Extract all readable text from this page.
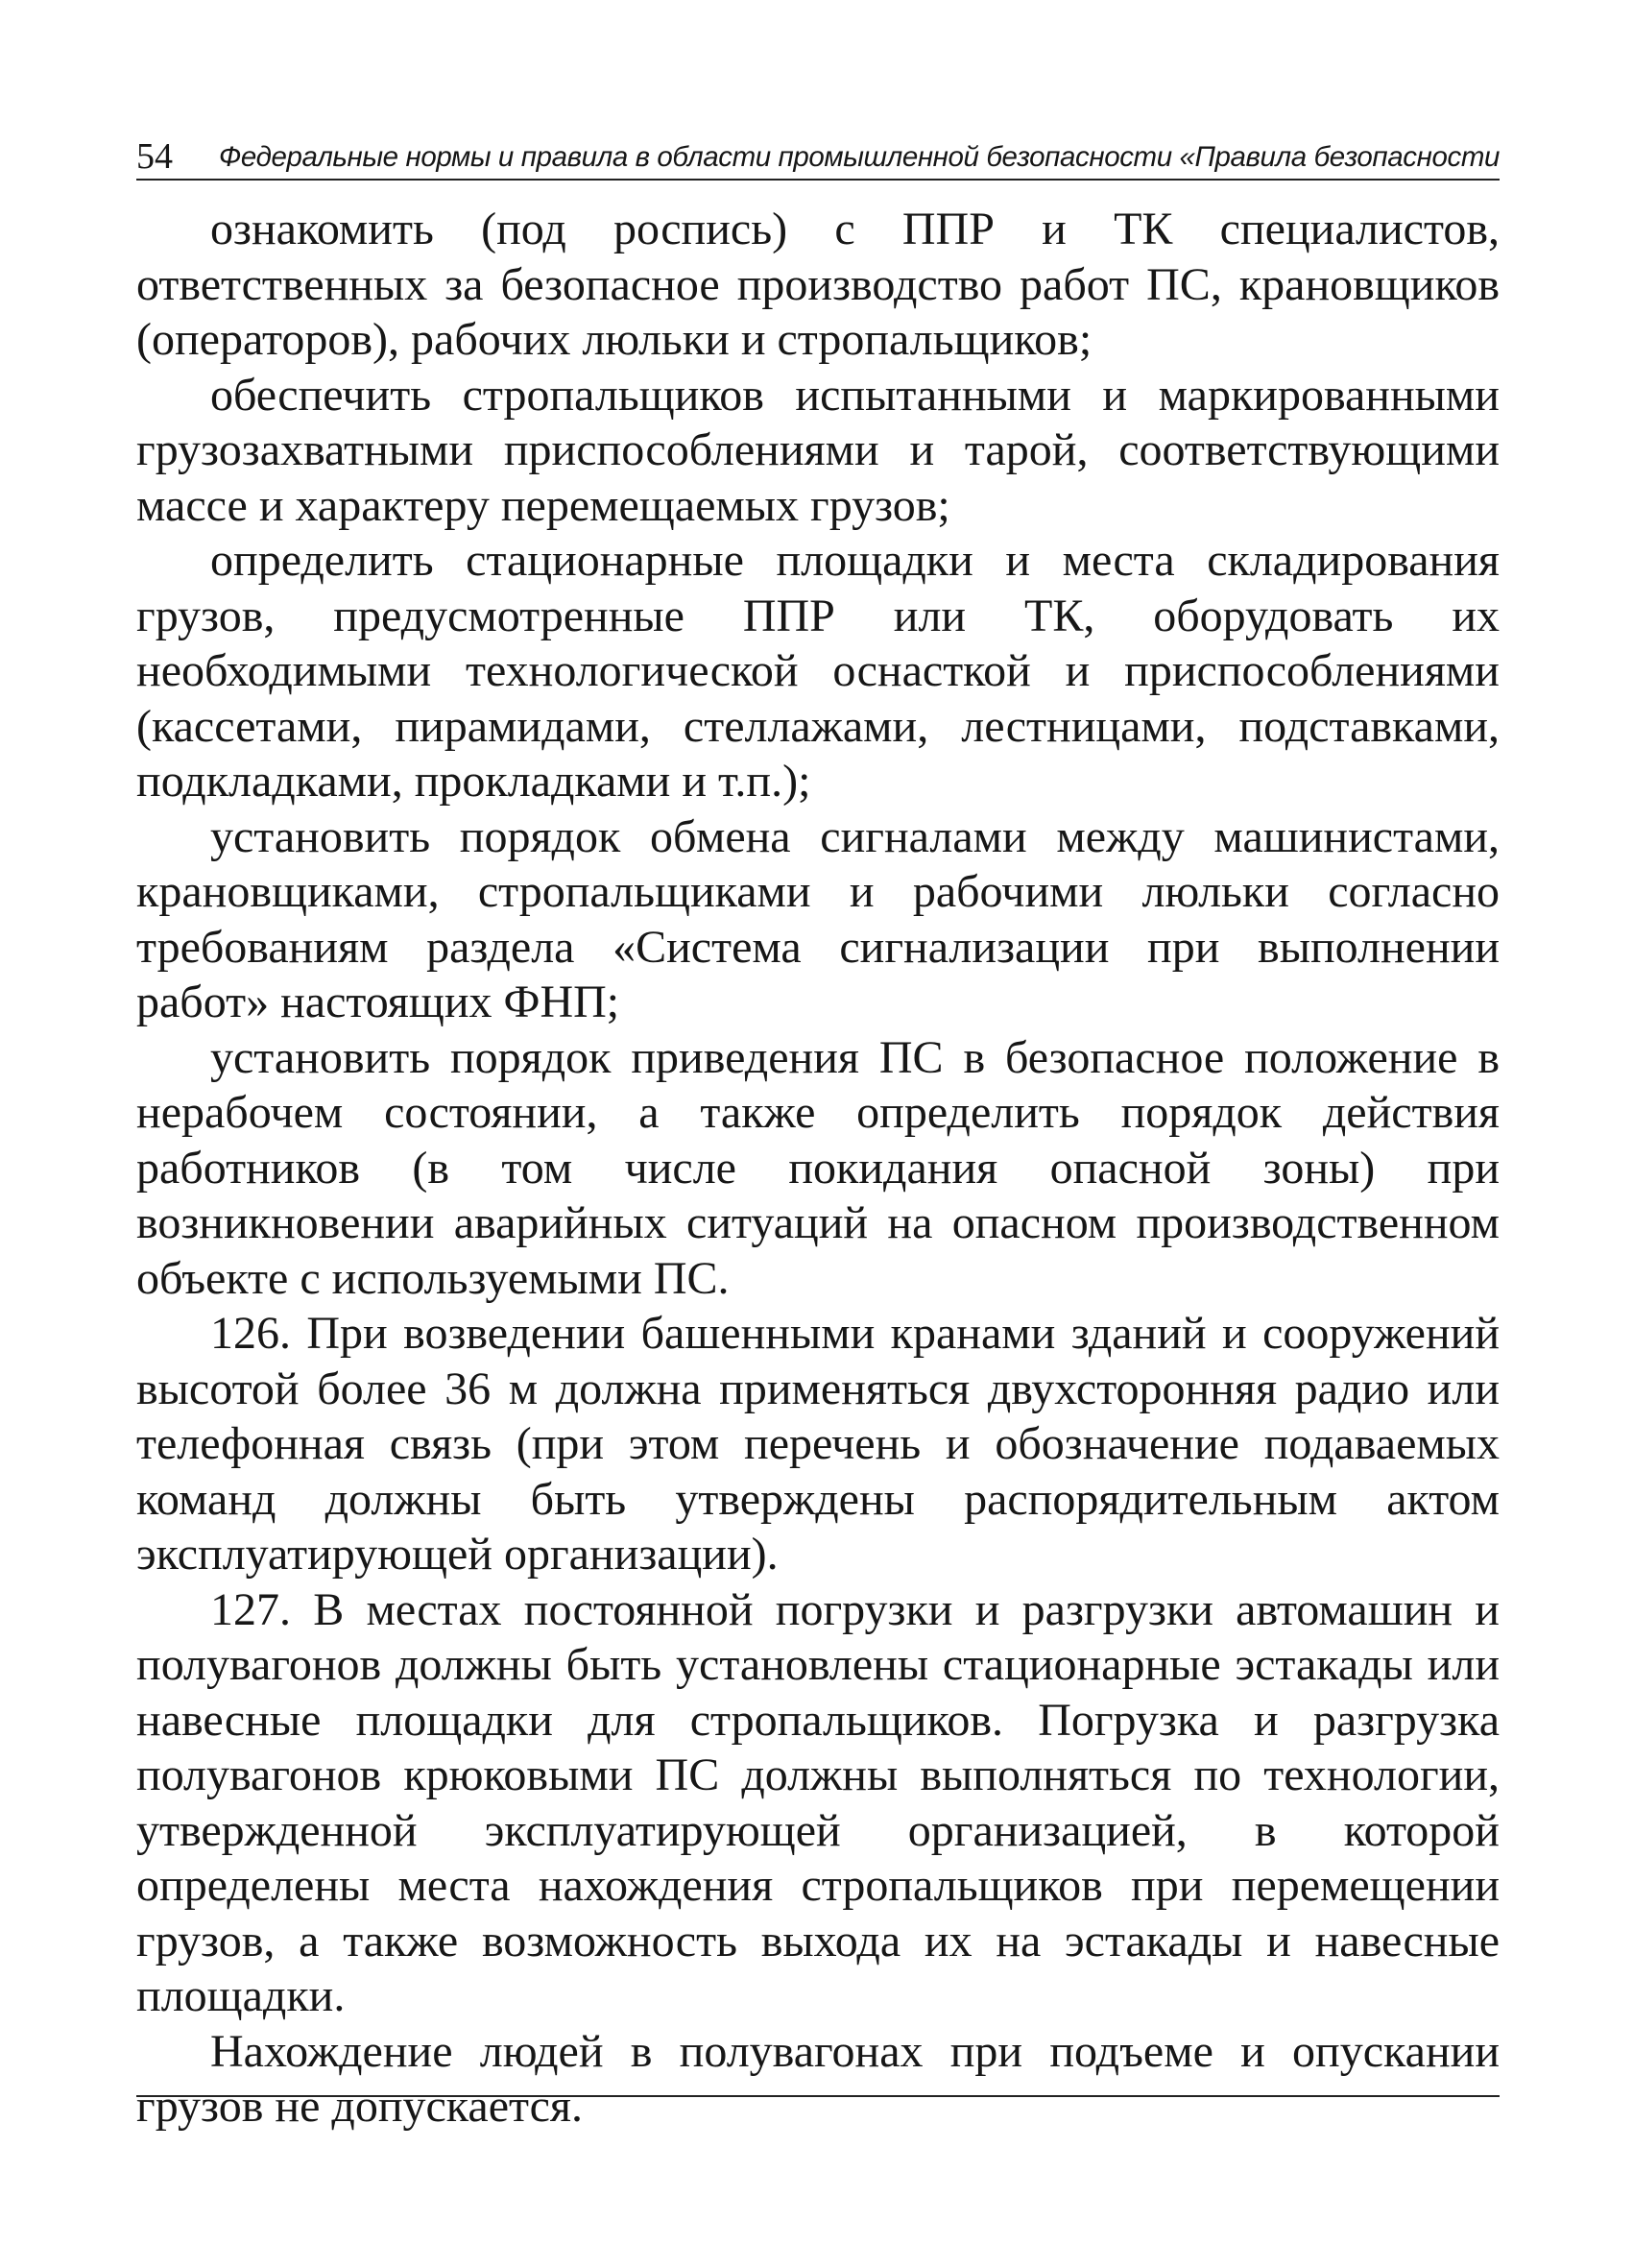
54	Федеральные нормы и правила в области промышленной безопасности «Правила безопасности

ознакомить (под роспись) с ППР и ТК специалистов, ответственных за безопасное производство работ ПС, крановщиков (операторов), рабочих люльки и стропальщиков;

обеспечить стропальщиков испытанными и маркированными грузозахватными приспособлениями и тарой, соответствующими массе и характеру перемещаемых грузов;

определить стационарные площадки и места складирования грузов, предусмотренные ППР или ТК, оборудовать их необходимыми технологической оснасткой и приспособлениями (кассетами, пирамидами, стеллажами, лестницами, подставками, подкладками, прокладками и т.п.);

установить порядок обмена сигналами между машинистами, крановщиками, стропальщиками и рабочими люльки согласно требованиям раздела «Система сигнализации при выполнении работ» настоящих ФНП;

установить порядок приведения ПС в безопасное положение в нерабочем состоянии, а также определить порядок действия работников (в том числе покидания опасной зоны) при возникновении аварийных ситуаций на опасном производственном объекте с используемыми ПС.

126. При возведении башенными кранами зданий и сооружений высотой более 36 м должна применяться двухсторонняя радио или телефонная связь (при этом перечень и обозначение подаваемых команд должны быть утверждены распорядительным актом эксплуатирующей организации).

127. В местах постоянной погрузки и разгрузки автомашин и полувагонов должны быть установлены стационарные эстакады или навесные площадки для стропальщиков. Погрузка и разгрузка полувагонов крюковыми ПС должны выполняться по технологии, утвержденной эксплуатирующей организацией, в которой определены места нахождения стропальщиков при перемещении грузов, а также возможность выхода их на эстакады и навесные площадки.

Нахождение людей в полувагонах при подъеме и опускании грузов не допускается.
